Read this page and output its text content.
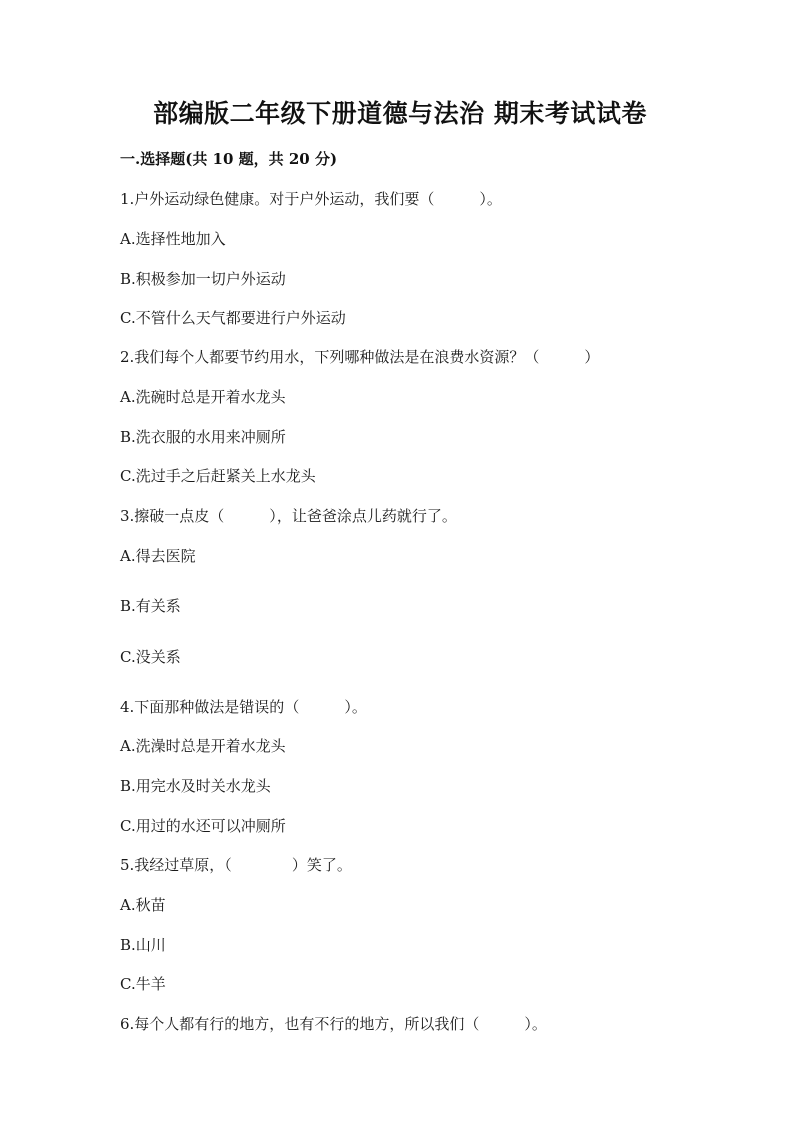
部编版二年级下册道德与法治 期末考试试卷
一.选择题(共 10 题，共 20 分)
1.户外运动绿色健康。对于户外运动，我们要（　　　）。
A.选择性地加入
B.积极参加一切户外运动
C.不管什么天气都要进行户外运动
2.我们每个人都要节约用水，下列哪种做法是在浪费水资源？（　　　）
A.洗碗时总是开着水龙头
B.洗衣服的水用来冲厕所
C.洗过手之后赶紧关上水龙头
3.擦破一点皮（　　　），让爸爸涂点儿药就行了。
A.得去医院
B.有关系
C.没关系
4.下面那种做法是错误的（　　　）。
A.洗澡时总是开着水龙头
B.用完水及时关水龙头
C.用过的水还可以冲厕所
5.我经过草原，（　　　　）笑了。
A.秋苗
B.山川
C.牛羊
6.每个人都有行的地方，也有不行的地方，所以我们（　　　）。
